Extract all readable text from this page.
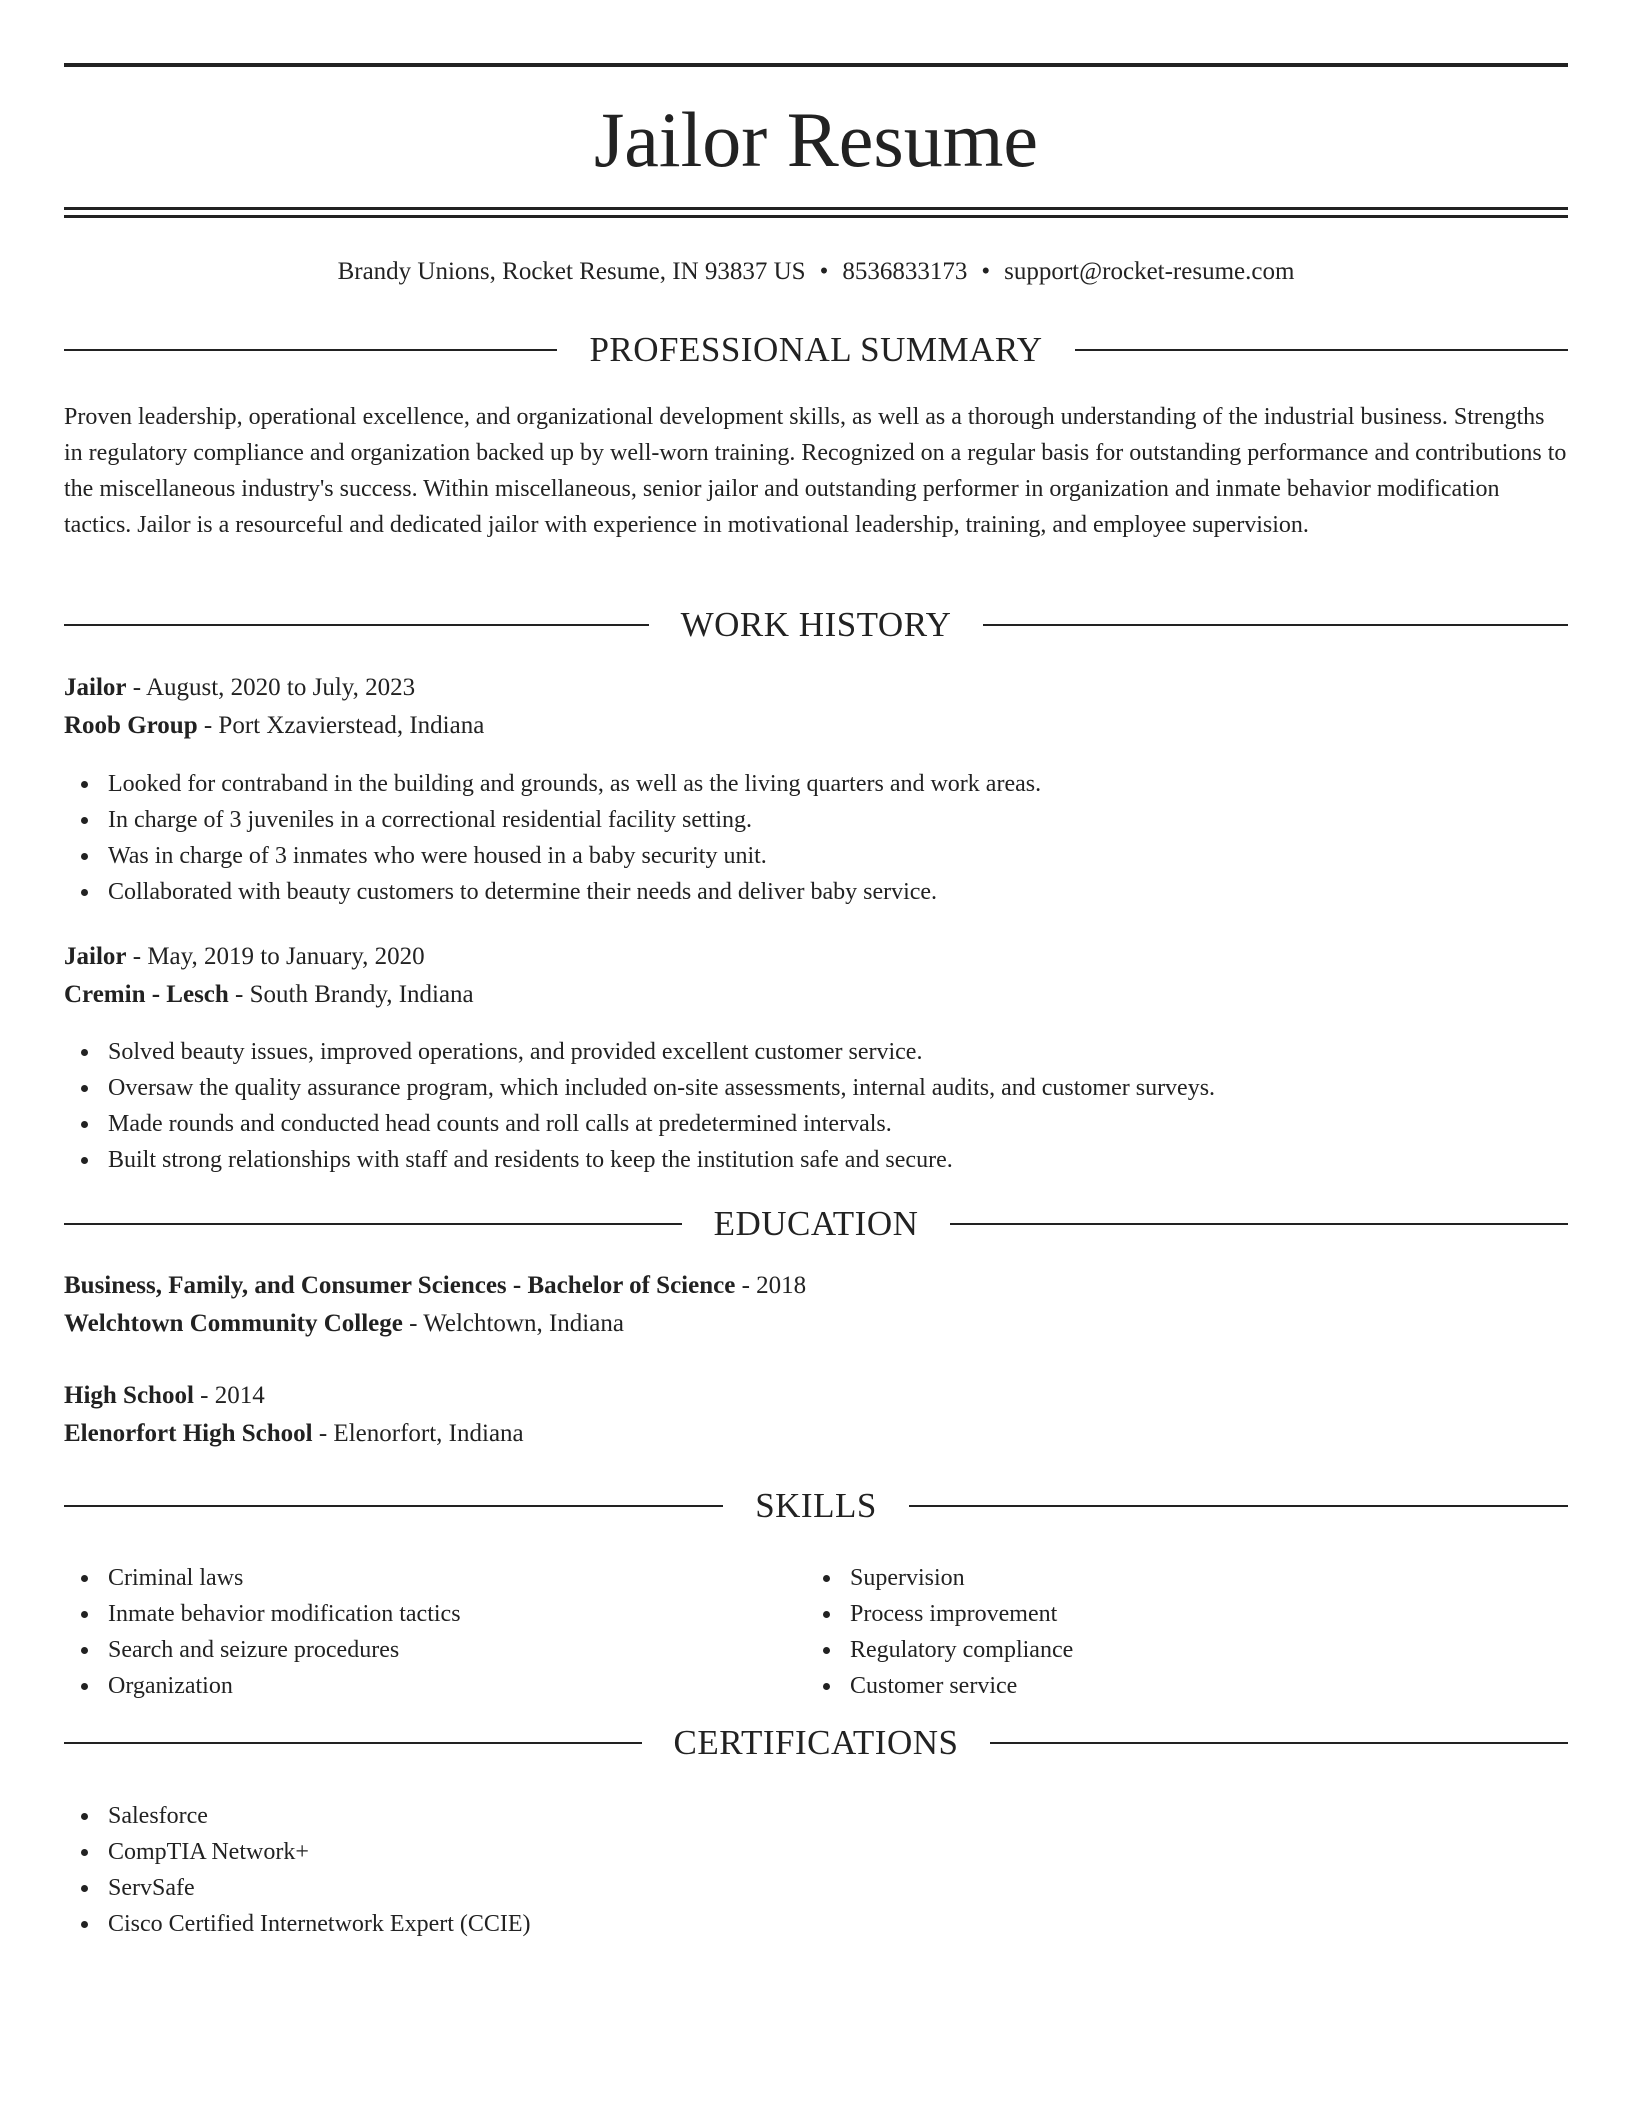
Jailor Resume
Brandy Unions, Rocket Resume, IN 93837 US • 8536833173 • support@rocket-resume.com
PROFESSIONAL SUMMARY

Proven leadership, operational excellence, and organizational development skills, as well as a thorough understanding of the industrial business. Strengths in regulatory compliance and organization backed up by well-worn training. Recognized on a regular basis for outstanding performance and contributions to the miscellaneous industry's success. Within miscellaneous, senior jailor and outstanding performer in organization and inmate behavior modification tactics. Jailor is a resourceful and dedicated jailor with experience in motivational leadership, training, and employee supervision.

WORK HISTORY
Jailor - August, 2020 to July, 2023
Roob Group - Port Xzavierstead, Indiana
Looked for contraband in the building and grounds, as well as the living quarters and work areas.
In charge of 3 juveniles in a correctional residential facility setting.
Was in charge of 3 inmates who were housed in a baby security unit.
Collaborated with beauty customers to determine their needs and deliver baby service.
Jailor - May, 2019 to January, 2020
Cremin - Lesch - South Brandy, Indiana
Solved beauty issues, improved operations, and provided excellent customer service.
Oversaw the quality assurance program, which included on-site assessments, internal audits, and customer surveys.
Made rounds and conducted head counts and roll calls at predetermined intervals.
Built strong relationships with staff and residents to keep the institution safe and secure.
EDUCATION
Business, Family, and Consumer Sciences - Bachelor of Science - 2018
Welchtown Community College - Welchtown, Indiana
High School - 2014
Elenorfort High School - Elenorfort, Indiana
SKILLS
Criminal laws
Inmate behavior modification tactics
Search and seizure procedures
Organization
Supervision
Process improvement
Regulatory compliance
Customer service
CERTIFICATIONS
Salesforce
CompTIA Network+
ServSafe
Cisco Certified Internetwork Expert (CCIE)
